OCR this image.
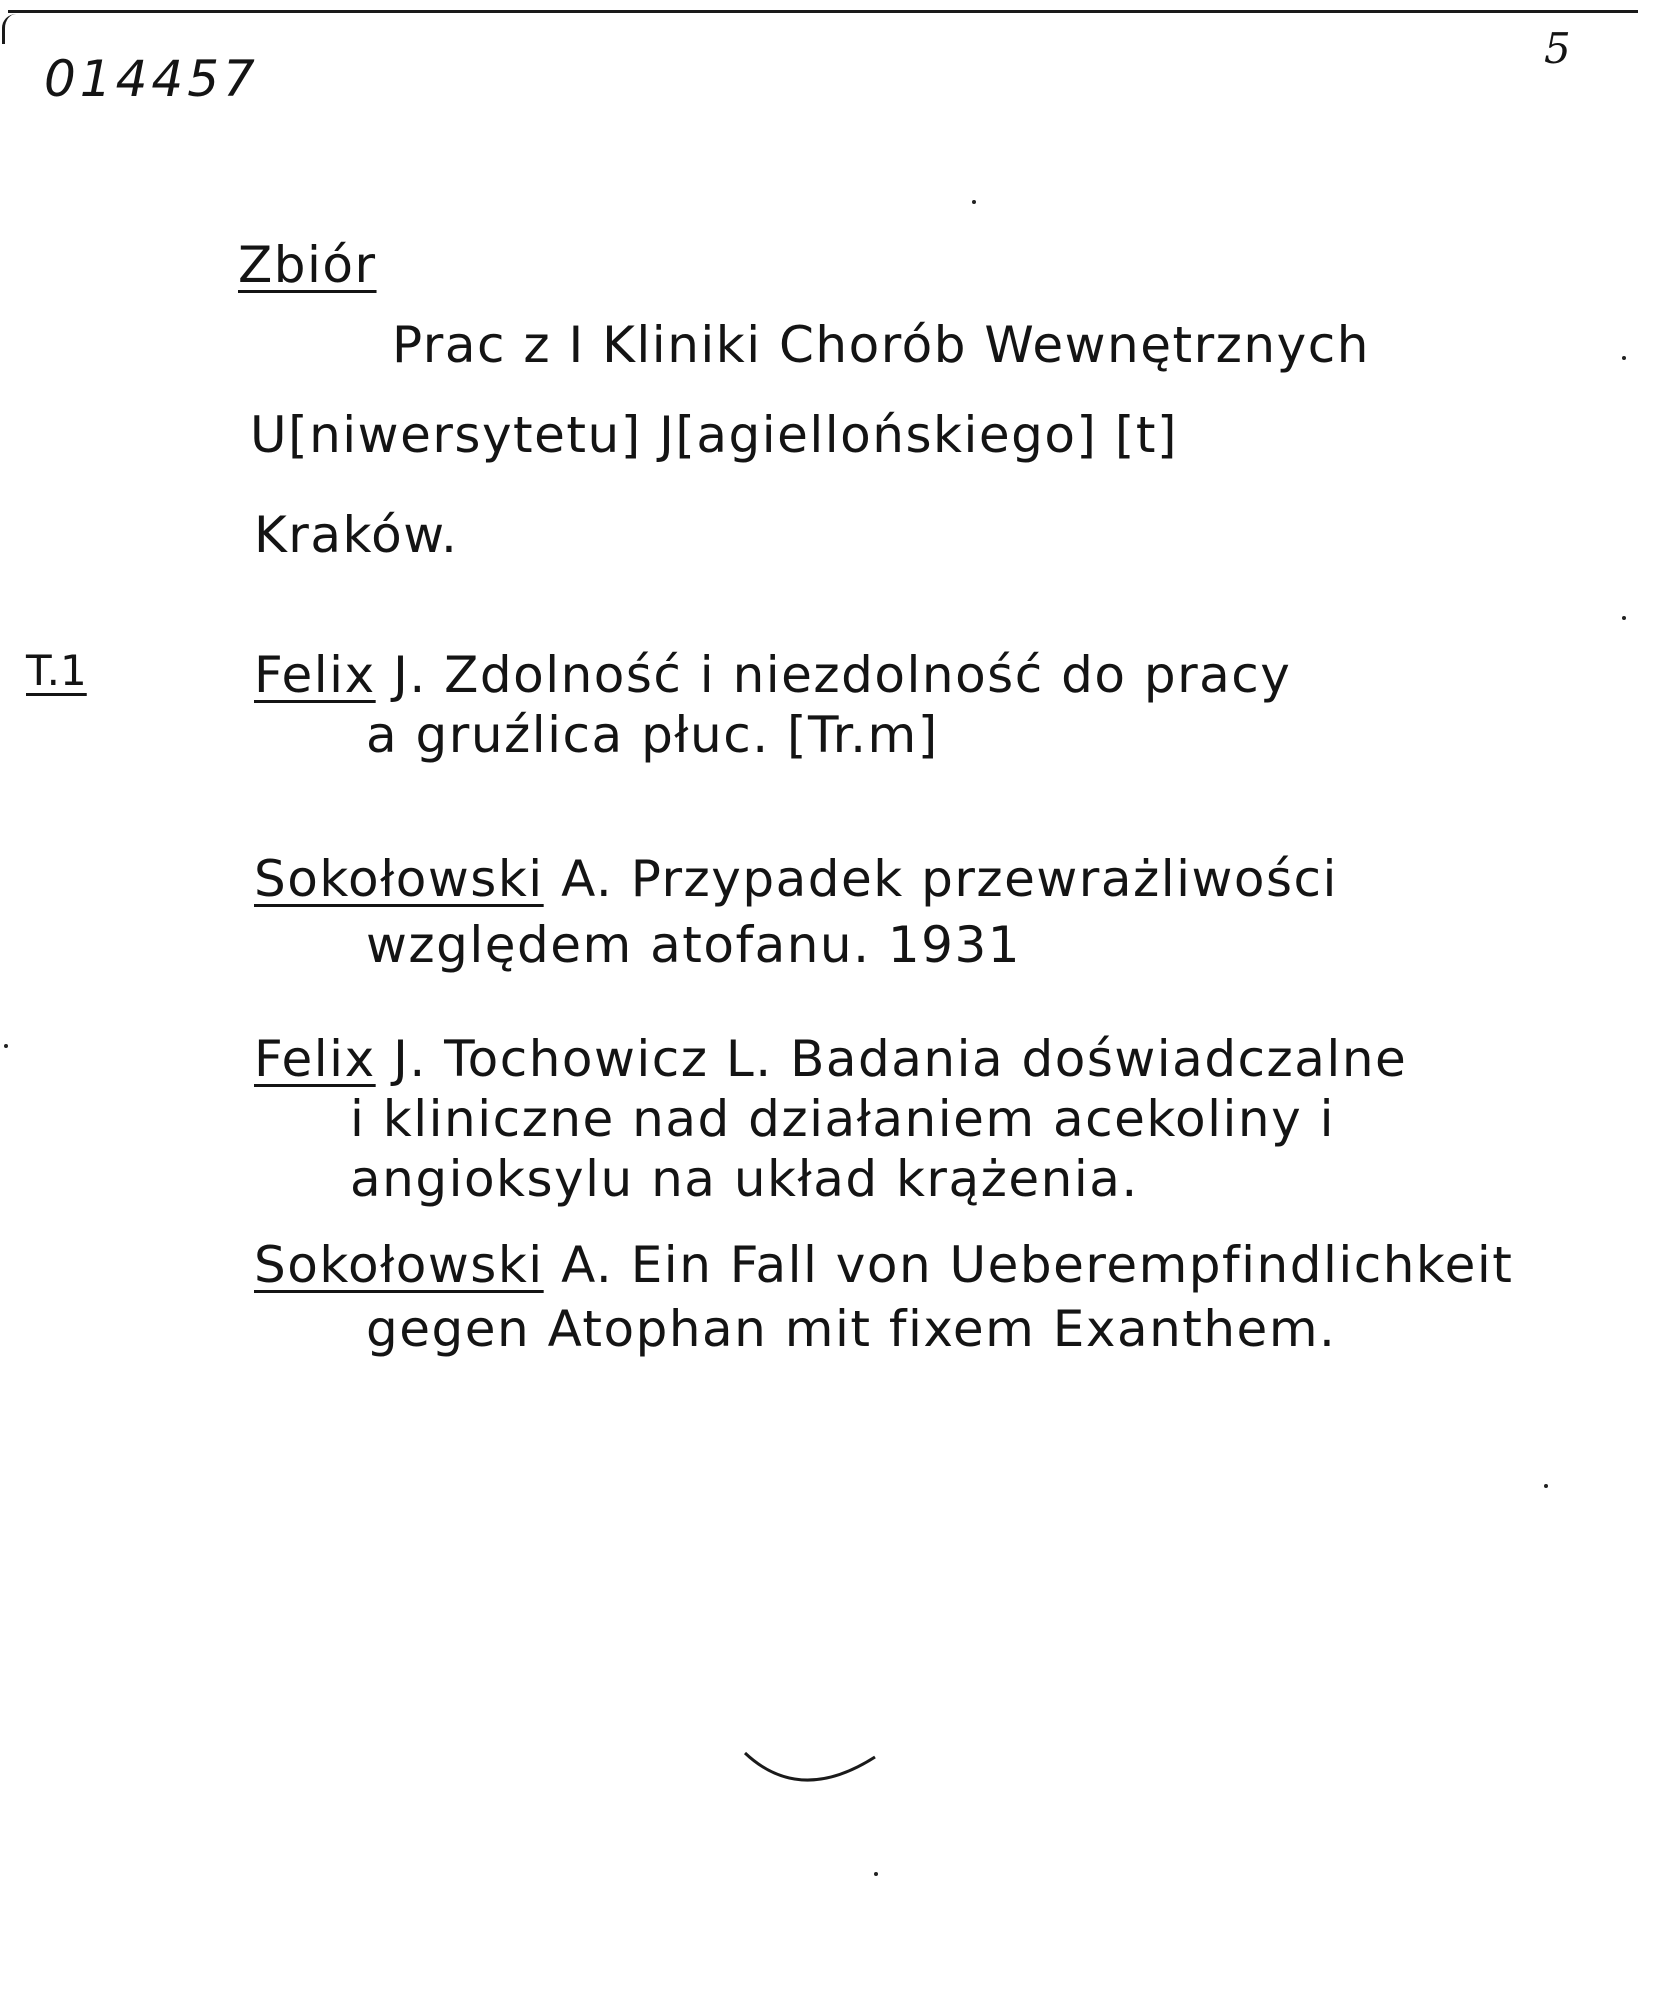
014457
5
Zbiór
Prac z I Kliniki Chorób Wewnętrznych
U[niwersytetu] J[agiellońskiego] [t]
Kraków.
T.1	Felix J. Zdolność i niezdolność do pracy
a gruźlica płuc. [Tr.m]
Sokołowski A. Przypadek przewrażliwości
względem atofanu. 1931
Felix J. Tochowicz L. Badania doświadczalne
i kliniczne nad działaniem acekoliny i
angioksylu na układ krążenia.
Sokołowski A. Ein Fall von Ueberempfindlichkeit
gegen Atophan mit fixem Exanthem.
